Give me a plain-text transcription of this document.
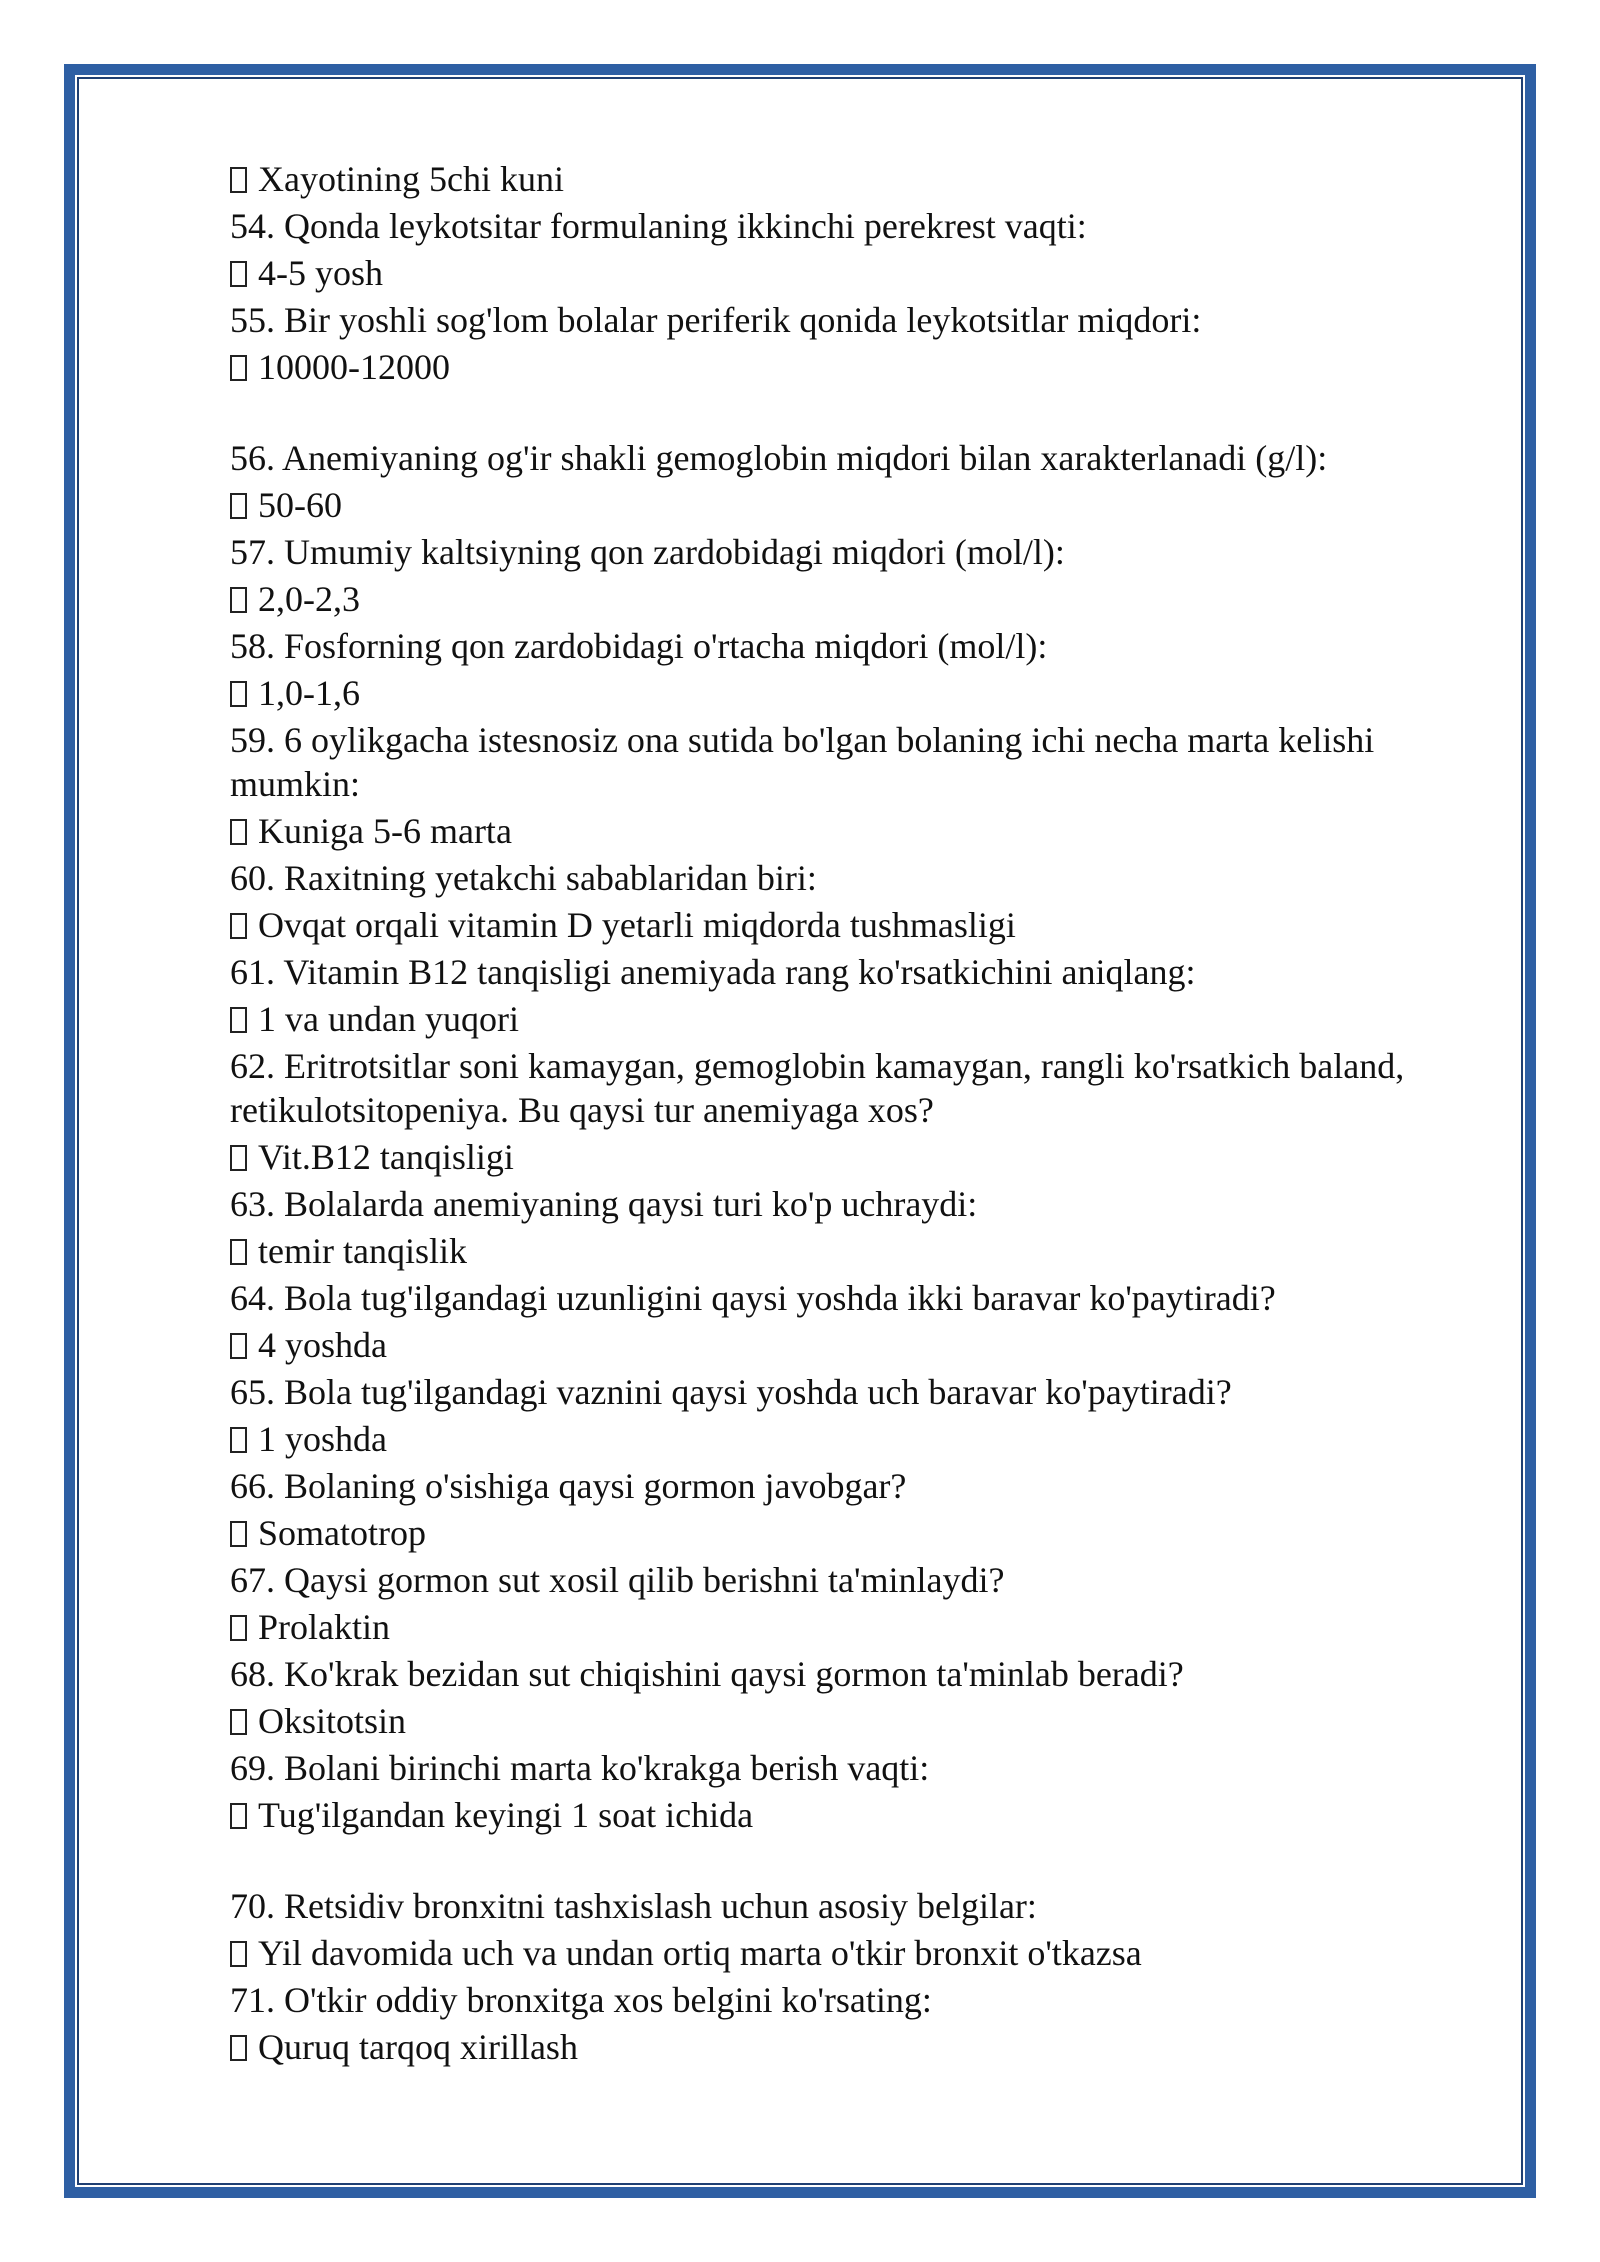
Xayotining 5chi kuni
54. Qonda leykotsitar formulaning ikkinchi perekrest vaqti:
4-5 yosh
55. Bir yoshli sog'lom bolalar periferik qonida leykotsitlar miqdori:
10000-12000
56. Anemiyaning og'ir shakli gemoglobin miqdori bilan xarakterlanadi (g/l):
50-60
57. Umumiy kaltsiyning qon zardobidagi miqdori (mol/l):
2,0-2,3
58. Fosforning qon zardobidagi o'rtacha miqdori (mol/l):
1,0-1,6
59. 6 oylikgacha istesnosiz ona sutida bo'lgan bolaning ichi necha marta kelishi mumkin:
Kuniga 5-6 marta
60. Raxitning yetakchi sabablaridan biri:
Ovqat orqali vitamin D yetarli miqdorda tushmasligi
61. Vitamin B12 tanqisligi anemiyada rang ko'rsatkichini aniqlang:
1 va undan yuqori
62. Eritrotsitlar soni kamaygan, gemoglobin kamaygan, rangli ko'rsatkich baland, retikulotsitopeniya. Bu qaysi tur anemiyaga xos?
Vit.B12 tanqisligi
63. Bolalarda anemiyaning qaysi turi ko'p uchraydi:
temir tanqislik
64. Bola tug'ilgandagi uzunligini qaysi yoshda ikki baravar ko'paytiradi?
4 yoshda
65. Bola tug'ilgandagi vaznini qaysi yoshda uch baravar ko'paytiradi?
1 yoshda
66. Bolaning o'sishiga qaysi gormon javobgar?
Somatotrop
67. Qaysi gormon sut xosil qilib berishni ta'minlaydi?
Prolaktin
68. Ko'krak bezidan sut chiqishini qaysi gormon ta'minlab beradi?
Oksitotsin
69. Bolani birinchi marta ko'krakga berish vaqti:
Tug'ilgandan keyingi 1 soat ichida
70. Retsidiv bronxitni tashxislash uchun asosiy belgilar:
Yil davomida uch va undan ortiq marta o'tkir bronxit o'tkazsa
71. O'tkir oddiy bronxitga xos belgini ko'rsating:
Quruq tarqoq xirillash
